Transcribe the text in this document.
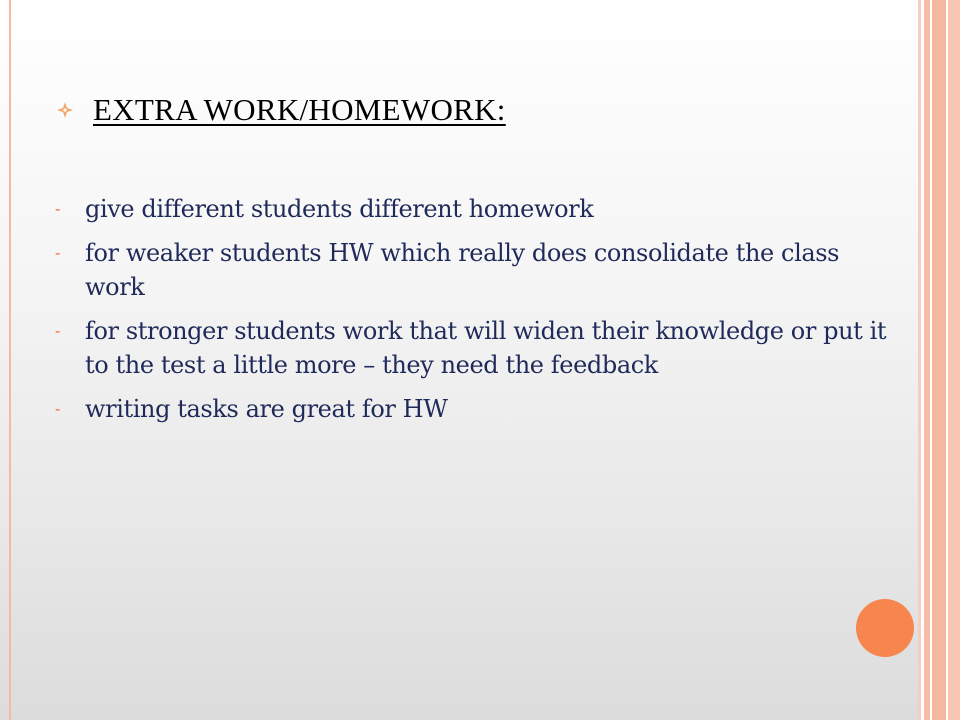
EXTRA WORK/HOMEWORK:
-	give different students different homework
-	for weaker students HW which really does consolidate the class work
-	for stronger students work that will widen their knowledge or put it to the test a little more – they need the feedback
-	writing tasks are great for HW
